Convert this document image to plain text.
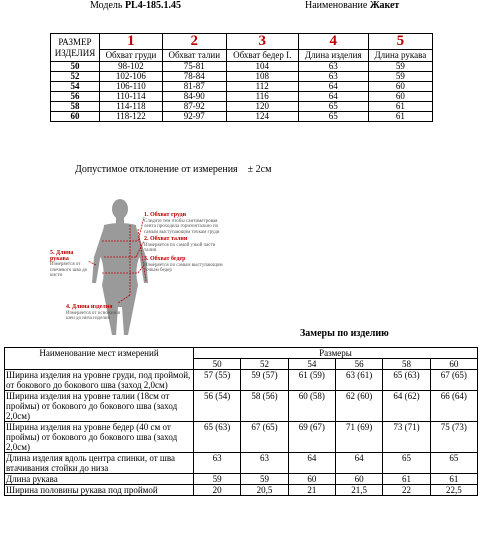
Модель PL4-185.1.45	Наименование Жакет
РАЗМЕР ИЗДЕЛИЯ	1	2	3	4	5
	Обхват груди	Обхват талии	Обхват бедер I.	Длина изделия	Длина рукава
50	98-102	75-81	104	63	59
52	102-106	78-84	108	63	59
54	106-110	81-87	112	64	60
56	110-114	84-90	116	64	60
58	114-118	87-92	120	65	61
60	118-122	92-97	124	65	61
Допустимое отклонение от измерения ± 2см
1. Обхват груди
Следите тем чтобы сантиметровая лента проходила горизонтально по самым выступающим точкам груди
2. Обхват талии
Измеряется по самой узкой части талии
3. Обхват бедер
Измеряется по самым выступающим точкам бедер
5. Длина рукава
Измеряется от плечевого шва до кисти
4. Длина изделия
Измеряется от основания шеи до низа изделия
Замеры по изделию
Наименование мест измерений	Размеры					
	50	52	54	56	58	60
Ширина изделия на уровне груди, под проймой, от бокового до бокового шва (заход 2,0см)	57 (55)	59 (57)	61 (59)	63 (61)	65 (63)	67 (65)
Ширина изделия на уровне талии (18см от проймы) от бокового до бокового шва (заход 2,0см)	56 (54)	58 (56)	60 (58)	62 (60)	64 (62)	66 (64)
Ширина изделия на уровне бедер (40 см от проймы) от бокового до бокового шва (заход 2,0см)	65 (63)	67 (65)	69 (67)	71 (69)	73 (71)	75 (73)
Длина изделия вдоль центра спинки, от шва втачивания стойки до низа	63	63	64	64	65	65
Длина рукава	59	59	60	60	61	61
Ширина половины рукава под проймой	20	20,5	21	21,5	22	22,5
